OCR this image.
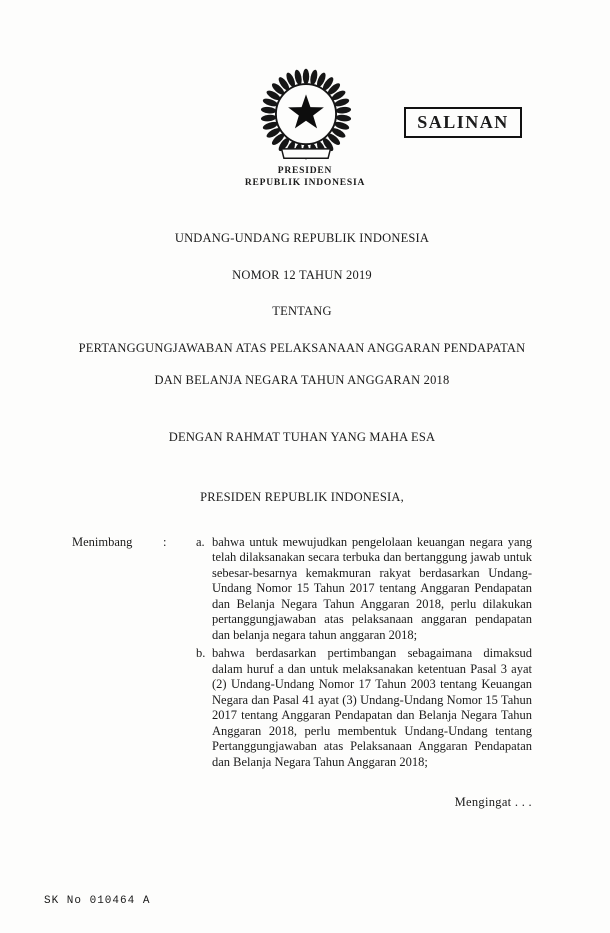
SALINAN
PRESIDEN
REPUBLIK INDONESIA
UNDANG-UNDANG REPUBLIK INDONESIA
NOMOR 12 TAHUN 2019
TENTANG
PERTANGGUNGJAWABAN ATAS PELAKSANAAN ANGGARAN PENDAPATAN
DAN BELANJA NEGARA TAHUN ANGGARAN 2018
DENGAN RAHMAT TUHAN YANG MAHA ESA
PRESIDEN REPUBLIK INDONESIA,
Menimbang	:	a. bahwa untuk mewujudkan pengelolaan keuangan negara yang telah dilaksanakan secara terbuka dan bertanggung jawab untuk sebesar-besarnya kemakmuran rakyat berdasarkan Undang-Undang Nomor 15 Tahun 2017 tentang Anggaran Pendapatan dan Belanja Negara Tahun Anggaran 2018, perlu dilakukan pertanggungjawaban atas pelaksanaan anggaran pendapatan dan belanja negara tahun anggaran 2018;
b. bahwa berdasarkan pertimbangan sebagaimana dimaksud dalam huruf a dan untuk melaksanakan ketentuan Pasal 3 ayat (2) Undang-Undang Nomor 17 Tahun 2003 tentang Keuangan Negara dan Pasal 41 ayat (3) Undang-Undang Nomor 15 Tahun 2017 tentang Anggaran Pendapatan dan Belanja Negara Tahun Anggaran 2018, perlu membentuk Undang-Undang tentang Pertanggungjawaban atas Pelaksanaan Anggaran Pendapatan dan Belanja Negara Tahun Anggaran 2018;
Mengingat . . .
SK No 010464 A
